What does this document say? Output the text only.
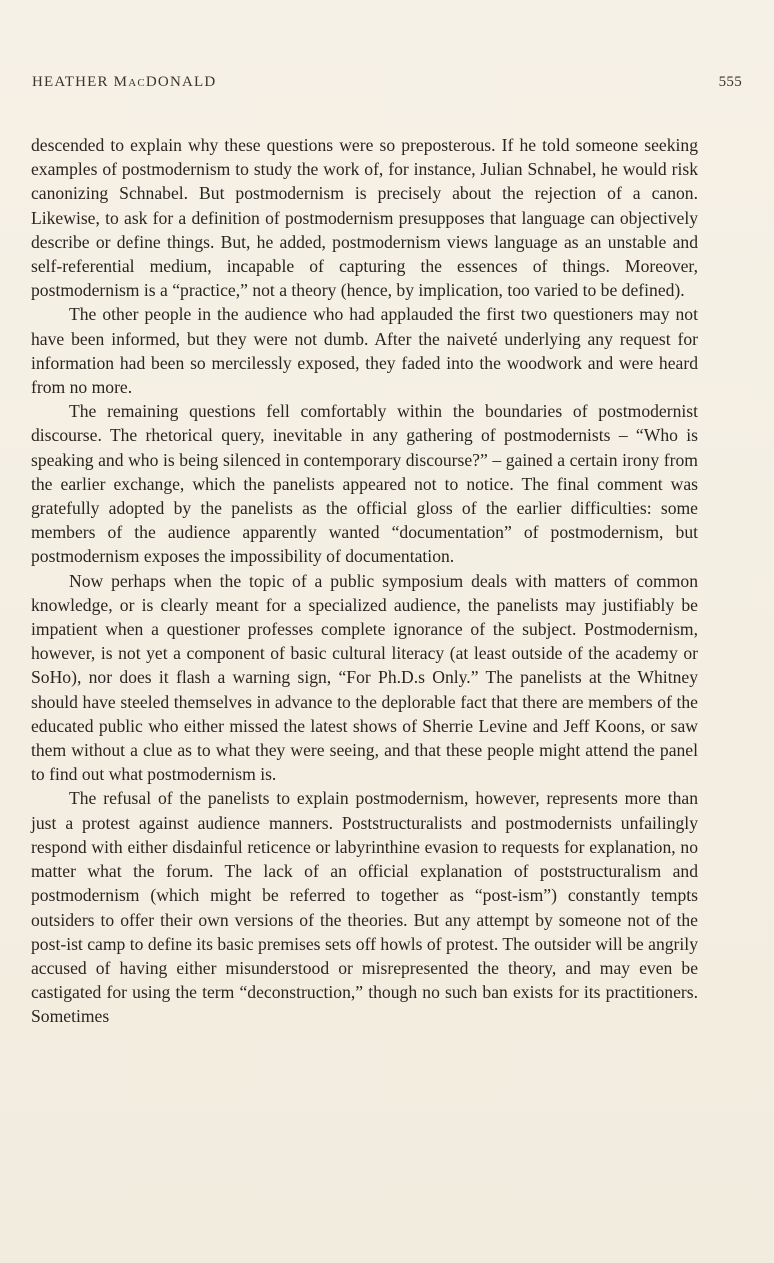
HEATHER MacDONALD	555

descended to explain why these questions were so preposterous. If he told someone seeking examples of postmodernism to study the work of, for instance, Julian Schnabel, he would risk canonizing Schnabel. But postmodernism is precisely about the rejection of a canon. Likewise, to ask for a definition of postmodernism presupposes that language can objectively describe or define things. But, he added, postmodernism views language as an unstable and self-referential medium, incapable of capturing the essences of things. Moreover, postmodernism is a “practice,” not a theory (hence, by implication, too varied to be defined).

The other people in the audience who had applauded the first two questioners may not have been informed, but they were not dumb. After the naiveté underlying any request for information had been so mercilessly exposed, they faded into the woodwork and were heard from no more.

The remaining questions fell comfortably within the boundaries of postmodernist discourse. The rhetorical query, inevitable in any gathering of postmodernists – “Who is speaking and who is being silenced in contemporary discourse?” – gained a certain irony from the earlier exchange, which the panelists appeared not to notice. The final comment was gratefully adopted by the panelists as the official gloss of the earlier difficulties: some members of the audience apparently wanted “documentation” of postmodernism, but postmodernism exposes the impossibility of documentation.

Now perhaps when the topic of a public symposium deals with matters of common knowledge, or is clearly meant for a specialized audience, the panelists may justifiably be impatient when a questioner professes complete ignorance of the subject. Postmodernism, however, is not yet a component of basic cultural literacy (at least outside of the academy or SoHo), nor does it flash a warning sign, “For Ph.D.s Only.” The panelists at the Whitney should have steeled themselves in advance to the deplorable fact that there are members of the educated public who either missed the latest shows of Sherrie Levine and Jeff Koons, or saw them without a clue as to what they were seeing, and that these people might attend the panel to find out what postmodernism is.

The refusal of the panelists to explain postmodernism, however, represents more than just a protest against audience manners. Poststructuralists and postmodernists unfailingly respond with either disdainful reticence or labyrinthine evasion to requests for explanation, no matter what the forum. The lack of an official explanation of poststructuralism and postmodernism (which might be referred to together as “post-ism”) constantly tempts outsiders to offer their own versions of the theories. But any attempt by someone not of the post-ist camp to define its basic premises sets off howls of protest. The outsider will be angrily accused of having either misunderstood or misrepresented the theory, and may even be castigated for using the term “deconstruction,” though no such ban exists for its practitioners. Sometimes
